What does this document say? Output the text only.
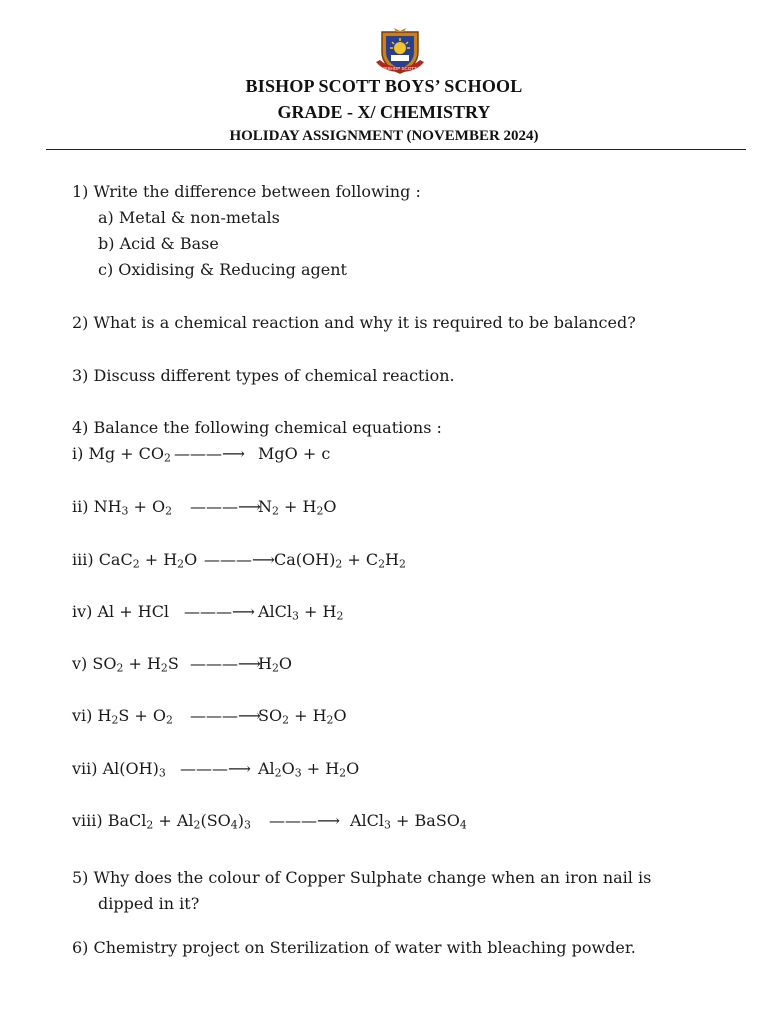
BISHOP SCOTT
BISHOP SCOTT BOYS’ SCHOOL
GRADE - X/ CHEMISTRY
HOLIDAY ASSIGNMENT (NOVEMBER 2024)
1) Write the difference between following :
a) Metal & non-metals
b) Acid & Base
c) Oxidising & Reducing agent
2) What is a chemical reaction and why it is required to be balanced?
3) Discuss different types of chemical reaction.
4) Balance the following chemical equations :
i) $Mg + CO_2$ ———⟶ MgO + c
ii) $NH_3 + O_2$ ———⟶
$N_2 + H_2O$
iii) $CaC_2 + H_2O$ ———⟶ $Ca(OH)_2 + C_2H_2$
iv) Al + HCl ———⟶ AlCl$_3$ + $H_2$
v) $SO_2 + H_2S$ ———⟶
$H_2O$
vi) $H_2S + O_2$ ———⟶
$SO_2 + H_2O$
vii) $Al(OH)_3$ ———⟶ $Al_2O_3 + H_2O$
viii) BaCl$_2$ + $Al_2(SO_4)_3$ ———⟶ AlCl$_3$ + BaSO$_4$
5) Why does the colour of Copper Sulphate change when an iron nail is
dipped in it?
6) Chemistry project on Sterilization of water with bleaching powder.
